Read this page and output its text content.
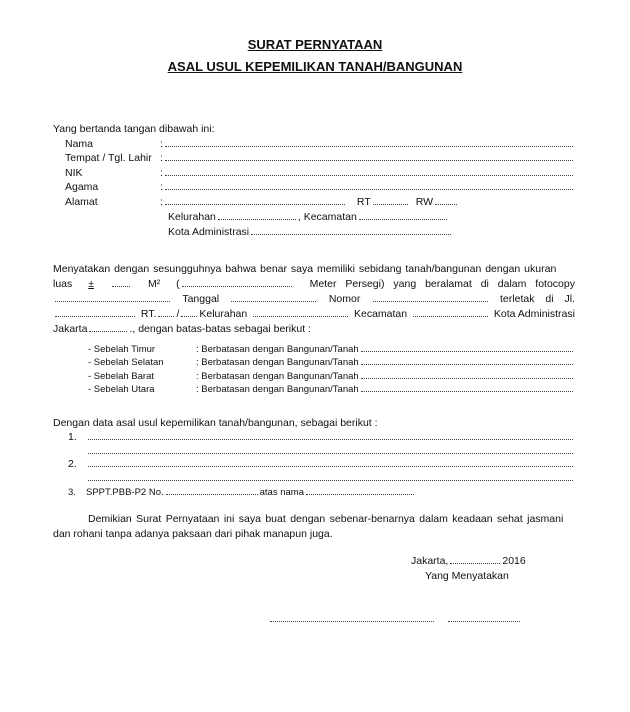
SURAT PERNYATAAN
ASAL USUL KEPEMILIKAN TANAH/BANGUNAN
Yang bertanda tangan dibawah ini:
Nama	:
Tempat / Tgl. Lahir :
NIK	:
Agama	:
Alamat	:	RT	RW
Kelurahan	, Kecamatan
Kota Administrasi
Menyatakan dengan sesungguhnya bahwa benar saya memiliki sebidang tanah/bangunan dengan ukuran
luas ±	M² (	Meter Persegi) yang beralamat di dalam fotocopy
Tanggal	Nomor	terletak di Jl.
RT. / Kelurahan	Kecamatan	Kota Administrasi
Jakarta	., dengan batas-batas sebagai berikut :
- Sebelah Timur	: Berbatasan dengan Bangunan/Tanah
- Sebelah Selatan	: Berbatasan dengan Bangunan/Tanah
- Sebelah Barat	: Berbatasan dengan Bangunan/Tanah
- Sebelah Utara	: Berbatasan dengan Bangunan/Tanah
Dengan data asal usul kepemilikan tanah/bangunan, sebagai berikut :
1.
2.
3.	SPPT.PBB-P2 No.	atas nama
Demikian Surat Pernyataan ini saya buat dengan sebenar-benarnya dalam keadaan sehat jasmani
dan rohani tanpa adanya paksaan dari pihak manapun juga.
Jakarta,	2016
Yang Menyatakan
